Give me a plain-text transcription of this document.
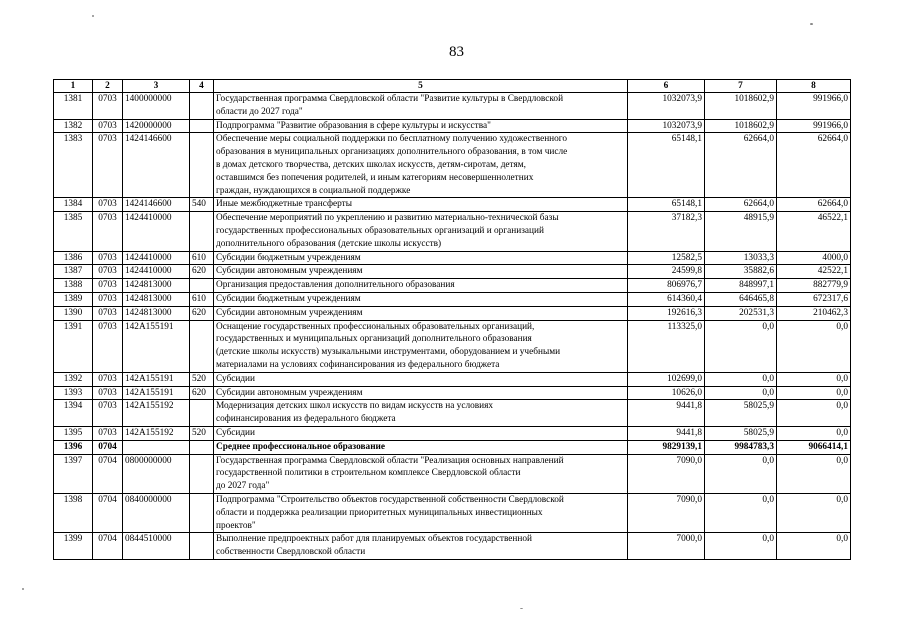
83
1	2	3	4	5	6	7	8
1381	0703	1400000000		Государственная программа Свердловской области "Развитие культуры в Свердловской
области до 2027 года"	1032073,9	1018602,9	991966,0
1382	0703	1420000000		Подпрограмма "Развитие образования в сфере культуры и искусства"	1032073,9	1018602,9	991966,0
1383	0703	1424146600		Обеспечение меры социальной поддержки по бесплатному получению художественного
образования в муниципальных организациях дополнительного образования, в том числе
в домах детского творчества, детских школах искусств, детям-сиротам, детям,
оставшимся без попечения родителей, и иным категориям несовершеннолетних
граждан, нуждающихся в социальной поддержке	65148,1	62664,0	62664,0
1384	0703	1424146600	540	Иные межбюджетные трансферты	65148,1	62664,0	62664,0
1385	0703	1424410000		Обеспечение мероприятий по укреплению и развитию материально-технической базы
государственных профессиональных образовательных организаций и организаций
дополнительного образования (детские школы искусств)	37182,3	48915,9	46522,1
1386	0703	1424410000	610	Субсидии бюджетным учреждениям	12582,5	13033,3	4000,0
1387	0703	1424410000	620	Субсидии автономным учреждениям	24599,8	35882,6	42522,1
1388	0703	1424813000		Организация предоставления дополнительного образования	806976,7	848997,1	882779,9
1389	0703	1424813000	610	Субсидии бюджетным учреждениям	614360,4	646465,8	672317,6
1390	0703	1424813000	620	Субсидии автономным учреждениям	192616,3	202531,3	210462,3
1391	0703	142A155191		Оснащение государственных профессиональных образовательных организаций,
государственных и муниципальных организаций дополнительного образования
(детские школы искусств) музыкальными инструментами, оборудованием и учебными
материалами на условиях софинансирования из федерального бюджета	113325,0	0,0	0,0
1392	0703	142A155191	520	Субсидии	102699,0	0,0	0,0
1393	0703	142A155191	620	Субсидии автономным учреждениям	10626,0	0,0	0,0
1394	0703	142A155192		Модернизация детских школ искусств по видам искусств на условиях
софинансирования из федерального бюджета	9441,8	58025,9	0,0
1395	0703	142A155192	520	Субсидии	9441,8	58025,9	0,0
1396	0704			Среднее профессиональное образование	9829139,1	9984783,3	9066414,1
1397	0704	0800000000		Государственная программа Свердловской области "Реализация основных направлений
государственной политики в строительном комплексе Свердловской области
до 2027 года"	7090,0	0,0	0,0
1398	0704	0840000000		Подпрограмма "Строительство объектов государственной собственности Свердловской
области и поддержка реализации приоритетных муниципальных инвестиционных
проектов"	7090,0	0,0	0,0
1399	0704	0844510000		Выполнение предпроектных работ для планируемых объектов государственной
собственности Свердловской области	7000,0	0,0	0,0
